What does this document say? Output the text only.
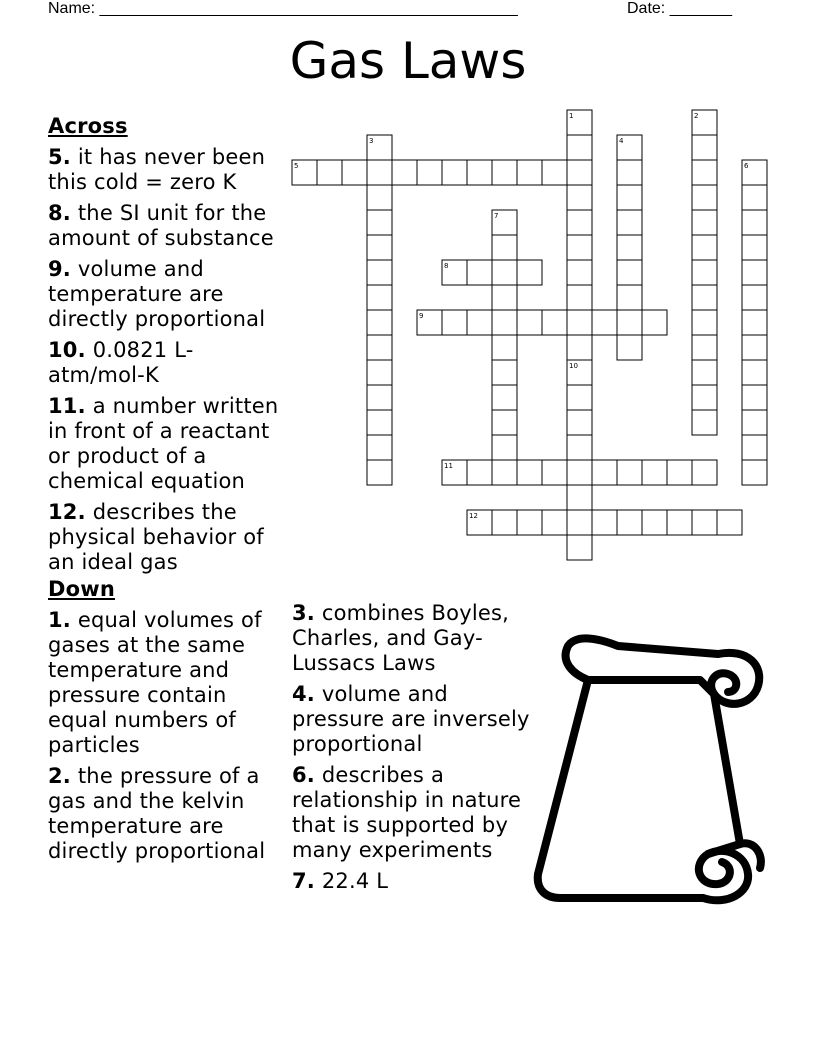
Name: _______________________________________________	Date: _______
Gas Laws
Across
5. it has never been this cold = zero K
8. the SI unit for the amount of substance
9. volume and temperature are directly proportional
10. 0.0821 L-atm/mol-K
11. a number written in front of a reactant or product of a chemical equation
12. describes the physical behavior of an ideal gas
Down
1. equal volumes of gases at the same temperature and pressure contain equal numbers of particles
2. the pressure of a gas and the kelvin temperature are directly proportional
3. combines Boyles, Charles, and Gay-Lussacs Laws
4. volume and pressure are inversely proportional
6. describes a relationship in nature that is supported by many experiments
7. 22.4 L
1	2
3	4
5	6
7
8
9
10
11
12
